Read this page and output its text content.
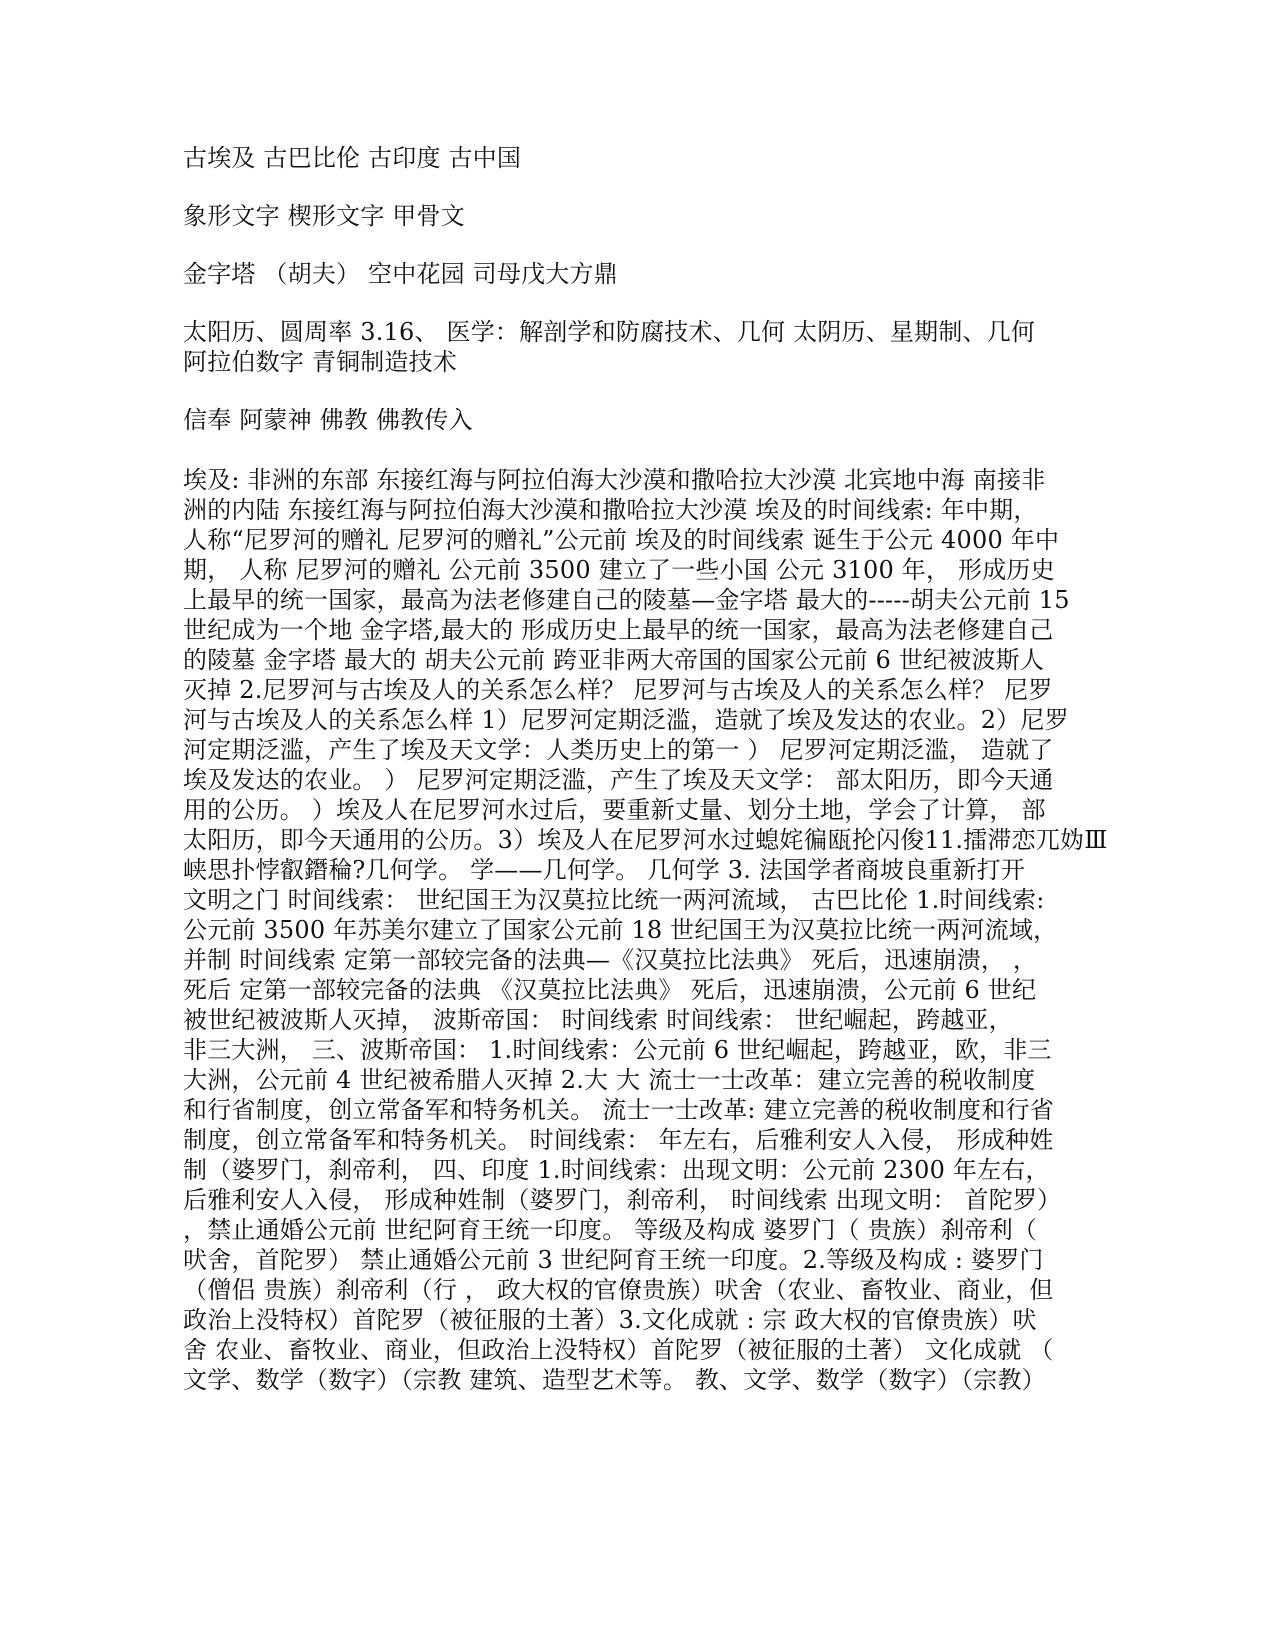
古埃及 古巴比伦 古印度 古中国
象形文字 楔形文字 甲骨文
金字塔 （胡夫） 空中花园 司母戊大方鼎
太阳历、圆周率 3.16、 医学：解剖学和防腐技术、几何 太阴历、星期制、几何
阿拉伯数字 青铜制造技术
信奉 阿蒙神 佛教 佛教传入
埃及: 非洲的东部 东接红海与阿拉伯海大沙漠和撒哈拉大沙漠 北宾地中海 南接非
洲的内陆 东接红海与阿拉伯海大沙漠和撒哈拉大沙漠 埃及的时间线索: 年中期，
人称“尼罗河的赠礼 尼罗河的赠礼”公元前 埃及的时间线索 诞生于公元 4000 年中
期， 人称 尼罗河的赠礼 公元前 3500 建立了一些小国 公元 3100 年， 形成历史
上最早的统一国家，最高为法老修建自己的陵墓—金字塔 最大的-----胡夫公元前 15
世纪成为一个地 金字塔,最大的 形成历史上最早的统一国家，最高为法老修建自己
的陵墓 金字塔 最大的 胡夫公元前 跨亚非两大帝国的国家公元前 6 世纪被波斯人
灭掉 2.尼罗河与古埃及人的关系怎么样？ 尼罗河与古埃及人的关系怎么样？ 尼罗
河与古埃及人的关系怎么样 1）尼罗河定期泛滥，造就了埃及发达的农业。2）尼罗
河定期泛滥，产生了埃及天文学：人类历史上的第一 ） 尼罗河定期泛滥， 造就了
埃及发达的农业。 ） 尼罗河定期泛滥，产生了埃及天文学： 部太阳历，即今天通
用的公历。 ）埃及人在尼罗河水过后，要重新丈量、划分土地，学会了计算， 部
太阳历，即今天通用的公历。3）埃及人在尼罗河水过螅姹徧瓯抡闪俊11.擂滞恋兀妫Ⅲ
峡思扑悖叡鐕稐?几何学。 学——几何学。 几何学 3. 法国学者商坡良重新打开
文明之门 时间线索： 世纪国王为汉莫拉比统一两河流域， 古巴比伦 1.时间线索:
公元前 3500 年苏美尔建立了国家公元前 18 世纪国王为汉莫拉比统一两河流域，
并制 时间线索 定第一部较完备的法典—《汉莫拉比法典》 死后，迅速崩溃， ，
死后 定第一部较完备的法典 《汉莫拉比法典》 死后，迅速崩溃，公元前 6 世纪
被世纪被波斯人灭掉， 波斯帝国： 时间线索 时间线索： 世纪崛起，跨越亚，
非三大洲， 三、波斯帝国： 1.时间线索：公元前 6 世纪崛起，跨越亚，欧，非三
大洲，公元前 4 世纪被希腊人灭掉 2.大 大 流士一士改革：建立完善的税收制度
和行省制度，创立常备军和特务机关。 流士一士改革: 建立完善的税收制度和行省
制度，创立常备军和特务机关。 时间线索： 年左右，后雅利安人入侵， 形成种姓
制（婆罗门，刹帝利， 四、印度 1.时间线索：出现文明：公元前 2300 年左右，
后雅利安人入侵， 形成种姓制（婆罗门，刹帝利， 时间线索 出现文明： 首陀罗）
，禁止通婚公元前 世纪阿育王统一印度。 等级及构成 婆罗门（ 贵族）刹帝利（
吠舍，首陀罗） 禁止通婚公元前 3 世纪阿育王统一印度。2.等级及构成 : 婆罗门
（僧侣 贵族）刹帝利（行 ， 政大权的官僚贵族）吠舍（农业、畜牧业、商业，但
政治上没特权）首陀罗（被征服的土著）3.文化成就 : 宗 政大权的官僚贵族）吠
舍 农业、畜牧业、商业，但政治上没特权）首陀罗（被征服的土著） 文化成就 （
文学、数学（数字）（宗教 建筑、造型艺术等。 教、文学、数学（数字）（宗教）
